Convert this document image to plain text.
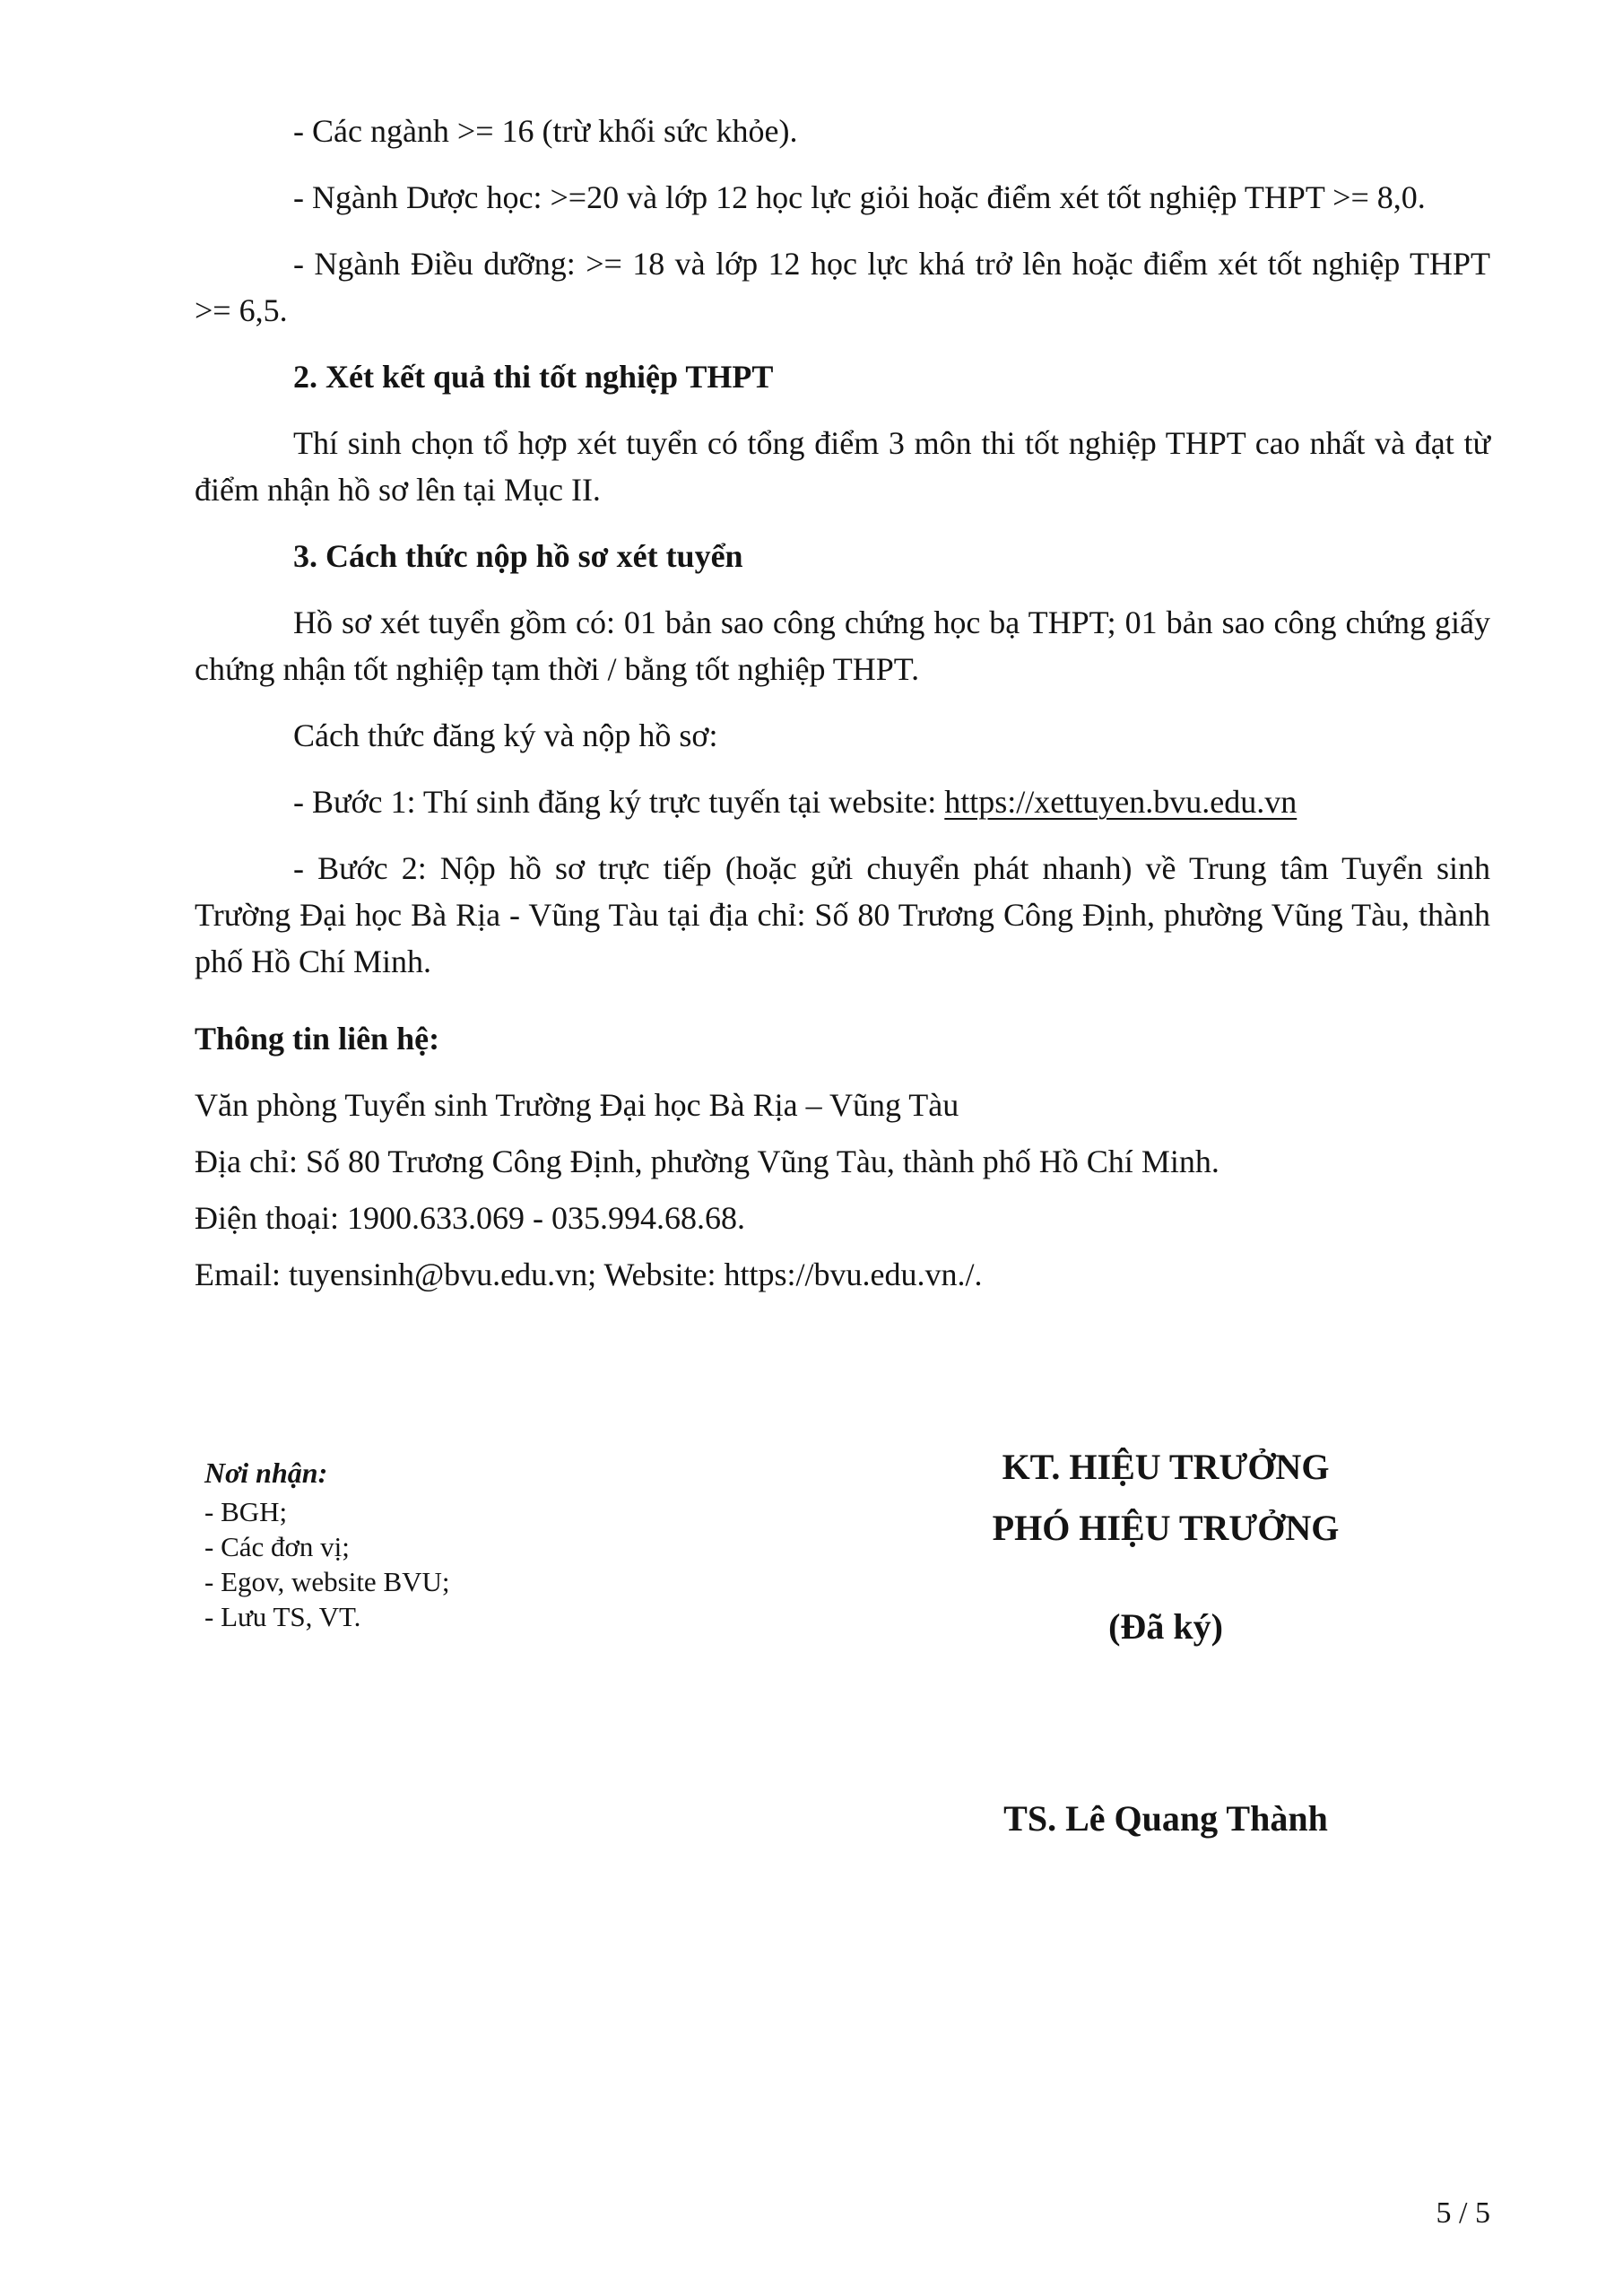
- Các ngành >= 16 (trừ khối sức khỏe).

- Ngành Dược học: >=20 và lớp 12 học lực giỏi hoặc điểm xét tốt nghiệp THPT >= 8,0.

- Ngành Điều dưỡng: >= 18 và lớp 12 học lực khá trở lên hoặc điểm xét tốt nghiệp THPT >= 6,5.

2. Xét kết quả thi tốt nghiệp THPT

Thí sinh chọn tổ hợp xét tuyển có tổng điểm 3 môn thi tốt nghiệp THPT cao nhất và đạt từ điểm nhận hồ sơ lên tại Mục II.

3. Cách thức nộp hồ sơ xét tuyển

Hồ sơ xét tuyển gồm có: 01 bản sao công chứng học bạ THPT; 01 bản sao công chứng giấy chứng nhận tốt nghiệp tạm thời / bằng tốt nghiệp THPT.

Cách thức đăng ký và nộp hồ sơ:

- Bước 1: Thí sinh đăng ký trực tuyến tại website: https://xettuyen.bvu.edu.vn

- Bước 2: Nộp hồ sơ trực tiếp (hoặc gửi chuyển phát nhanh) về Trung tâm Tuyển sinh Trường Đại học Bà Rịa - Vũng Tàu tại địa chỉ: Số 80 Trương Công Định, phường Vũng Tàu, thành phố Hồ Chí Minh.

Thông tin liên hệ:

Văn phòng Tuyển sinh Trường Đại học Bà Rịa – Vũng Tàu

Địa chỉ: Số 80 Trương Công Định, phường Vũng Tàu, thành phố Hồ Chí Minh.

Điện thoại: 1900.633.069 - 035.994.68.68.

Email: tuyensinh@bvu.edu.vn; Website: https://bvu.edu.vn./.

Nơi nhận:
- BGH;
- Các đơn vị;
- Egov, website BVU;
- Lưu TS, VT.
KT. HIỆU TRƯỞNG
PHÓ HIỆU TRƯỞNG
(Đã ký)
TS. Lê Quang Thành
5 / 5
